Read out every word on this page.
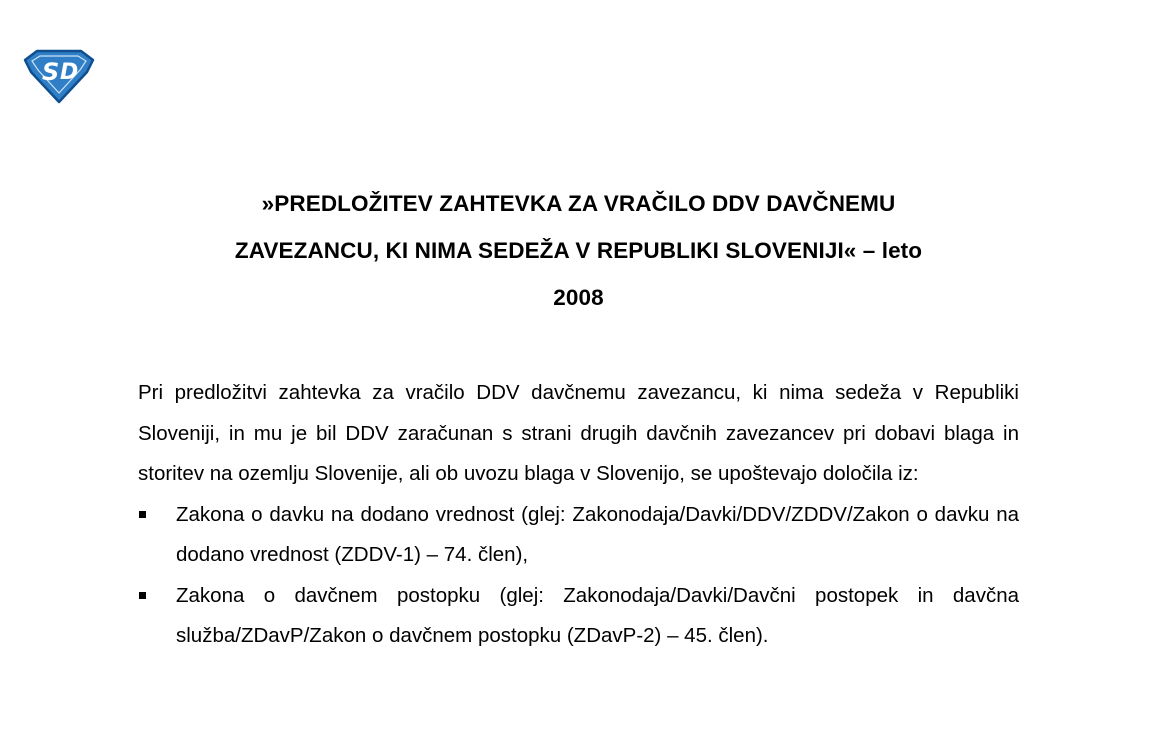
S D
»PREDLOŽITEV ZAHTEVKA ZA VRAČILO DDV DAVČNEMU
ZAVEZANCU, KI NIMA SEDEŽA V REPUBLIKI SLOVENIJI« – leto
2008

Pri predložitvi zahtevka za vračilo DDV davčnemu zavezancu, ki nima sedeža v Republiki Sloveniji, in mu je bil DDV zaračunan s strani drugih davčnih zavezancev pri dobavi blaga in storitev na ozemlju Slovenije, ali ob uvozu blaga v Slovenijo, se upoštevajo določila iz:

Zakona o davku na dodano vrednost (glej: Zakonodaja/Davki/DDV/ZDDV/Zakon o davku na dodano vrednost (ZDDV-1) – 74. člen),
Zakona o davčnem postopku (glej: Zakonodaja/Davki/Davčni postopek in davčna služba/ZDavP/Zakon o davčnem postopku (ZDavP-2) – 45. člen).
